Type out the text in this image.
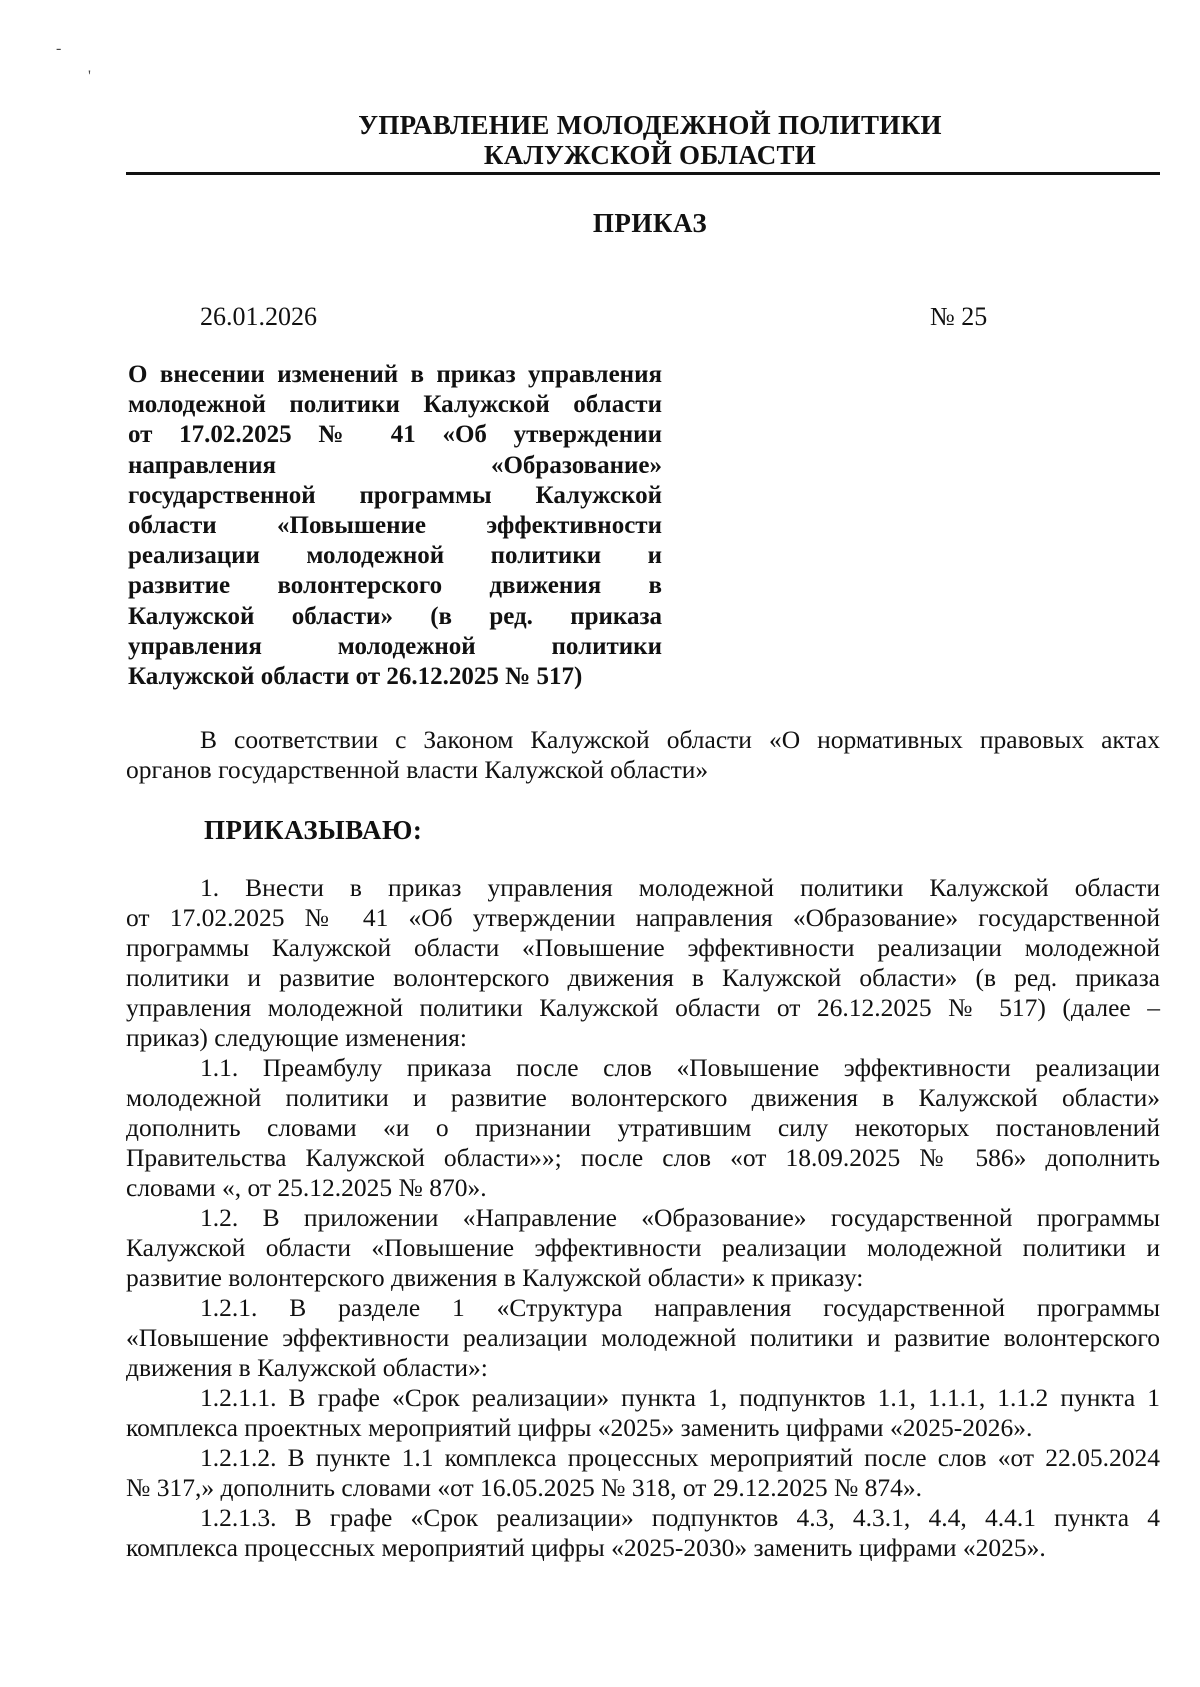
-
'
УПРАВЛЕНИЕ МОЛОДЕЖНОЙ ПОЛИТИКИ
КАЛУЖСКОЙ ОБЛАСТИ
ПРИКАЗ
26.01.2026	№ 25
О внесении изменений в приказ управления
молодежной политики Калужской области
от 17.02.2025 № 41 «Об утверждении
направления «Образование»
государственной программы Калужской
области «Повышение эффективности
реализации молодежной политики и
развитие волонтерского движения в
Калужской области» (в ред. приказа
управления молодежной политики
Калужской области от 26.12.2025 № 517)
В соответствии с Законом Калужской области «О нормативных правовых актах
органов государственной власти Калужской области»
ПРИКАЗЫВАЮ:
1. Внести в приказ управления молодежной политики Калужской области
от 17.02.2025 № 41 «Об утверждении направления «Образование» государственной
программы Калужской области «Повышение эффективности реализации молодежной
политики и развитие волонтерского движения в Калужской области» (в ред. приказа
управления молодежной политики Калужской области от 26.12.2025 № 517) (далее –
приказ) следующие изменения:
1.1. Преамбулу приказа после слов «Повышение эффективности реализации
молодежной политики и развитие волонтерского движения в Калужской области»
дополнить словами «и о признании утратившим силу некоторых постановлений
Правительства Калужской области»»; после слов «от 18.09.2025 № 586» дополнить
словами «, от 25.12.2025 № 870».
1.2. В приложении «Направление «Образование» государственной программы
Калужской области «Повышение эффективности реализации молодежной политики и
развитие волонтерского движения в Калужской области» к приказу:
1.2.1. В разделе 1 «Структура направления государственной программы
«Повышение эффективности реализации молодежной политики и развитие волонтерского
движения в Калужской области»:
1.2.1.1. В графе «Срок реализации» пункта 1, подпунктов 1.1, 1.1.1, 1.1.2 пункта 1
комплекса проектных мероприятий цифры «2025» заменить цифрами «2025-2026».
1.2.1.2. В пункте 1.1 комплекса процессных мероприятий после слов «от 22.05.2024
№ 317,» дополнить словами «от 16.05.2025 № 318, от 29.12.2025 № 874».
1.2.1.3. В графе «Срок реализации» подпунктов 4.3, 4.3.1, 4.4, 4.4.1 пункта 4
комплекса процессных мероприятий цифры «2025-2030» заменить цифрами «2025».
